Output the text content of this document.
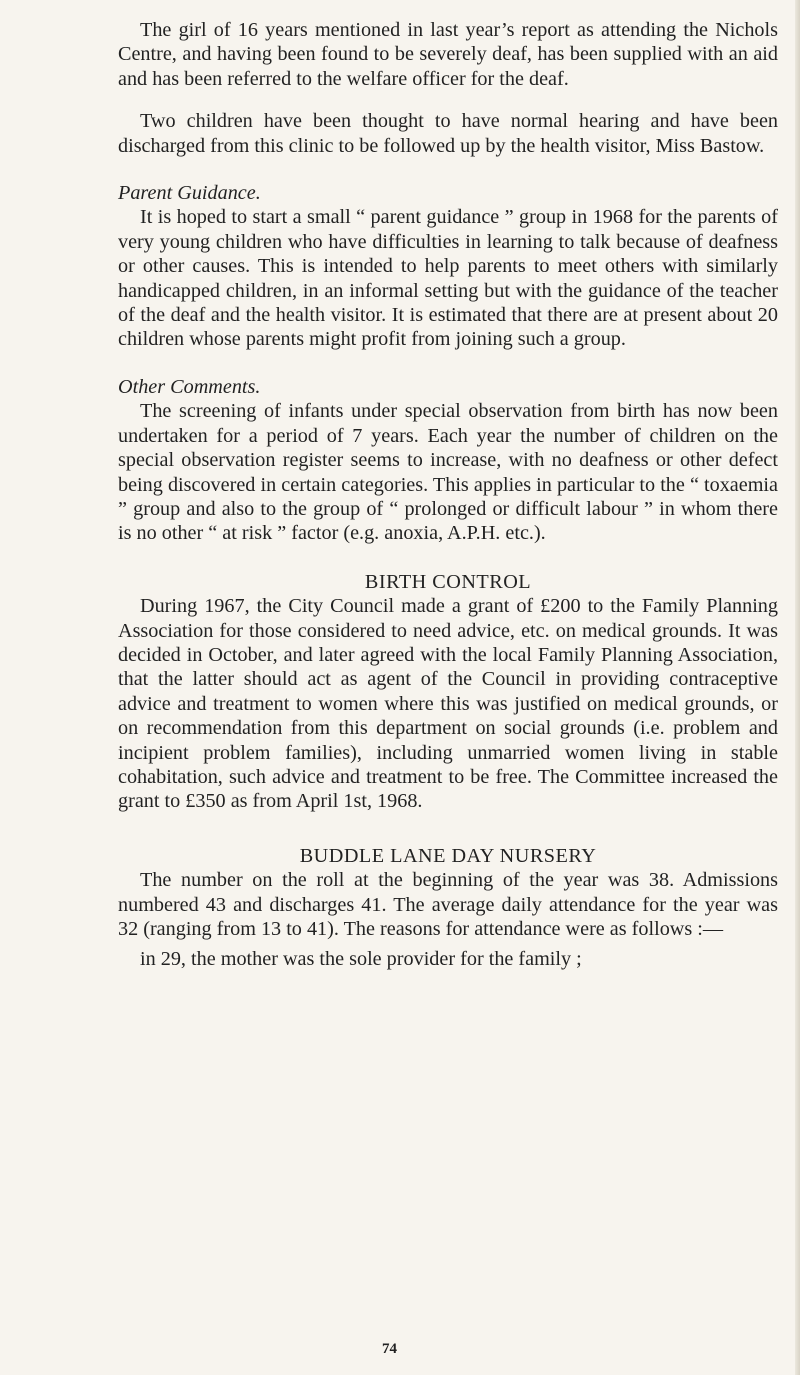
The girl of 16 years mentioned in last year’s report as attending the Nichols Centre, and having been found to be severely deaf, has been supplied with an aid and has been referred to the welfare officer for the deaf.

Two children have been thought to have normal hearing and have been discharged from this clinic to be followed up by the health visitor, Miss Bastow.

Parent Guidance.

It is hoped to start a small “ parent guidance ” group in 1968 for the parents of very young children who have difficulties in learning to talk because of deafness or other causes. This is intended to help parents to meet others with similarly handicapped children, in an informal setting but with the guidance of the teacher of the deaf and the health visitor. It is estimated that there are at present about 20 children whose parents might profit from joining such a group.

Other Comments.

The screening of infants under special observation from birth has now been undertaken for a period of 7 years. Each year the number of children on the special observation register seems to increase, with no deafness or other defect being discovered in certain categories. This applies in particular to the “ toxaemia ” group and also to the group of “ prolonged or difficult labour ” in whom there is no other “ at risk ” factor (e.g. anoxia, A.P.H. etc.).

BIRTH CONTROL

During 1967, the City Council made a grant of £200 to the Family Planning Association for those considered to need advice, etc. on medical grounds. It was decided in October, and later agreed with the local Family Planning Association, that the latter should act as agent of the Council in providing contraceptive advice and treatment to women where this was justified on medical grounds, or on recommendation from this department on social grounds (i.e. problem and incipient problem families), including unmarried women living in stable cohabitation, such advice and treatment to be free. The Committee increased the grant to £350 as from April 1st, 1968.

BUDDLE LANE DAY NURSERY

The number on the roll at the beginning of the year was 38. Admissions numbered 43 and discharges 41. The average daily attendance for the year was 32 (ranging from 13 to 41). The reasons for attendance were as follows :—

in 29, the mother was the sole provider for the family ;

74
